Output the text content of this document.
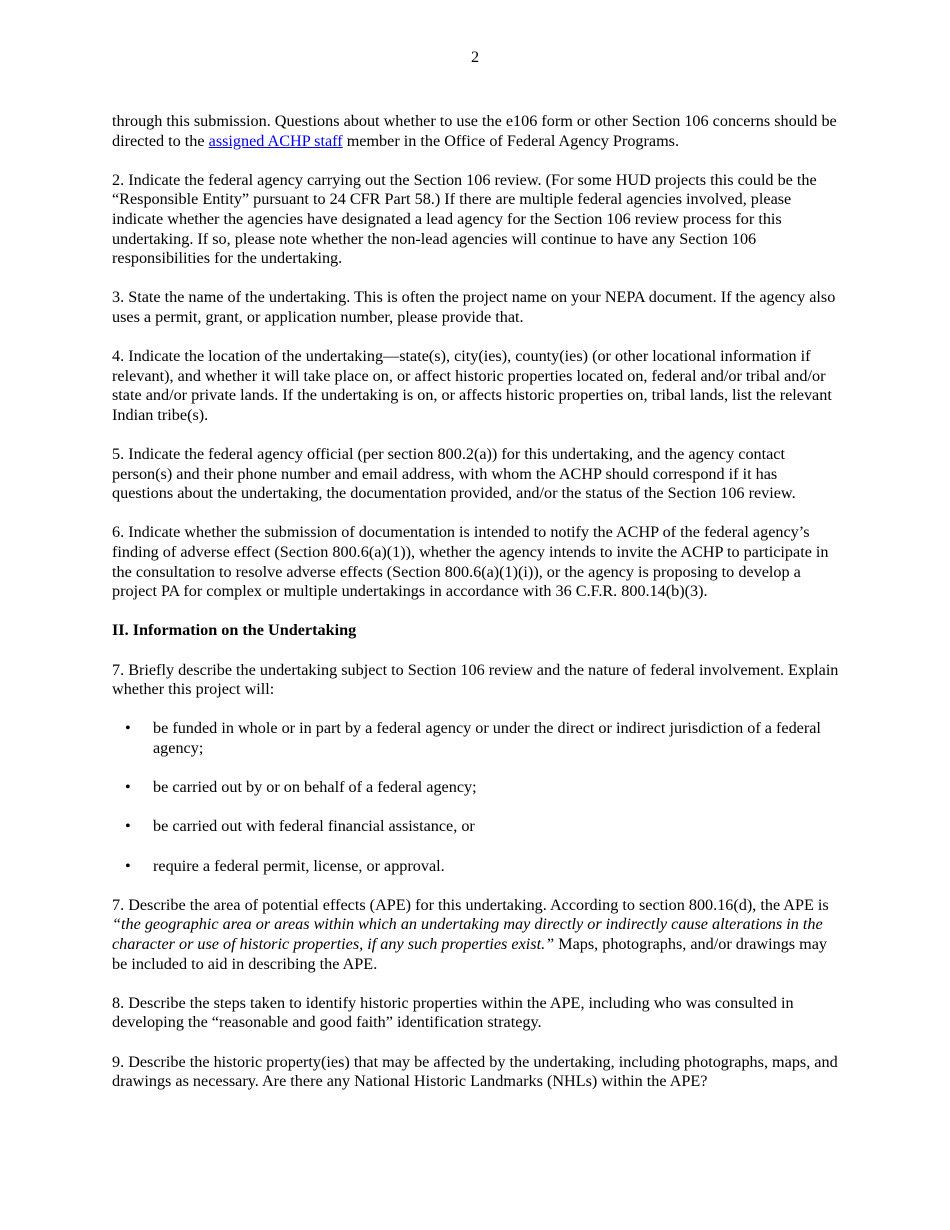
2

through this submission. Questions about whether to use the e106 form or other Section 106 concerns should be directed to the assigned ACHP staff member in the Office of Federal Agency Programs.

2. Indicate the federal agency carrying out the Section 106 review. (For some HUD projects this could be the “Responsible Entity” pursuant to 24 CFR Part 58.) If there are multiple federal agencies involved, please indicate whether the agencies have designated a lead agency for the Section 106 review process for this undertaking. If so, please note whether the non-lead agencies will continue to have any Section 106 responsibilities for the undertaking.

3. State the name of the undertaking. This is often the project name on your NEPA document. If the agency also uses a permit, grant, or application number, please provide that.

4. Indicate the location of the undertaking—state(s), city(ies), county(ies) (or other locational information if relevant), and whether it will take place on, or affect historic properties located on, federal and/or tribal and/or state and/or private lands. If the undertaking is on, or affects historic properties on, tribal lands, list the relevant Indian tribe(s).

5. Indicate the federal agency official (per section 800.2(a)) for this undertaking, and the agency contact person(s) and their phone number and email address, with whom the ACHP should correspond if it has questions about the undertaking, the documentation provided, and/or the status of the Section 106 review.

6. Indicate whether the submission of documentation is intended to notify the ACHP of the federal agency’s finding of adverse effect (Section 800.6(a)(1)), whether the agency intends to invite the ACHP to participate in the consultation to resolve adverse effects (Section 800.6(a)(1)(i)), or the agency is proposing to develop a project PA for complex or multiple undertakings in accordance with 36 C.F.R. 800.14(b)(3).

II. Information on the Undertaking

7. Briefly describe the undertaking subject to Section 106 review and the nature of federal involvement. Explain whether this project will:

• be funded in whole or in part by a federal agency or under the direct or indirect jurisdiction of a federal agency;
• be carried out by or on behalf of a federal agency;
• be carried out with federal financial assistance, or
• require a federal permit, license, or approval.

7. Describe the area of potential effects (APE) for this undertaking. According to section 800.16(d), the APE is “the geographic area or areas within which an undertaking may directly or indirectly cause alterations in the character or use of historic properties, if any such properties exist.” Maps, photographs, and/or drawings may be included to aid in describing the APE.

8. Describe the steps taken to identify historic properties within the APE, including who was consulted in developing the “reasonable and good faith” identification strategy.

9. Describe the historic property(ies) that may be affected by the undertaking, including photographs, maps, and drawings as necessary. Are there any National Historic Landmarks (NHLs) within the APE?
